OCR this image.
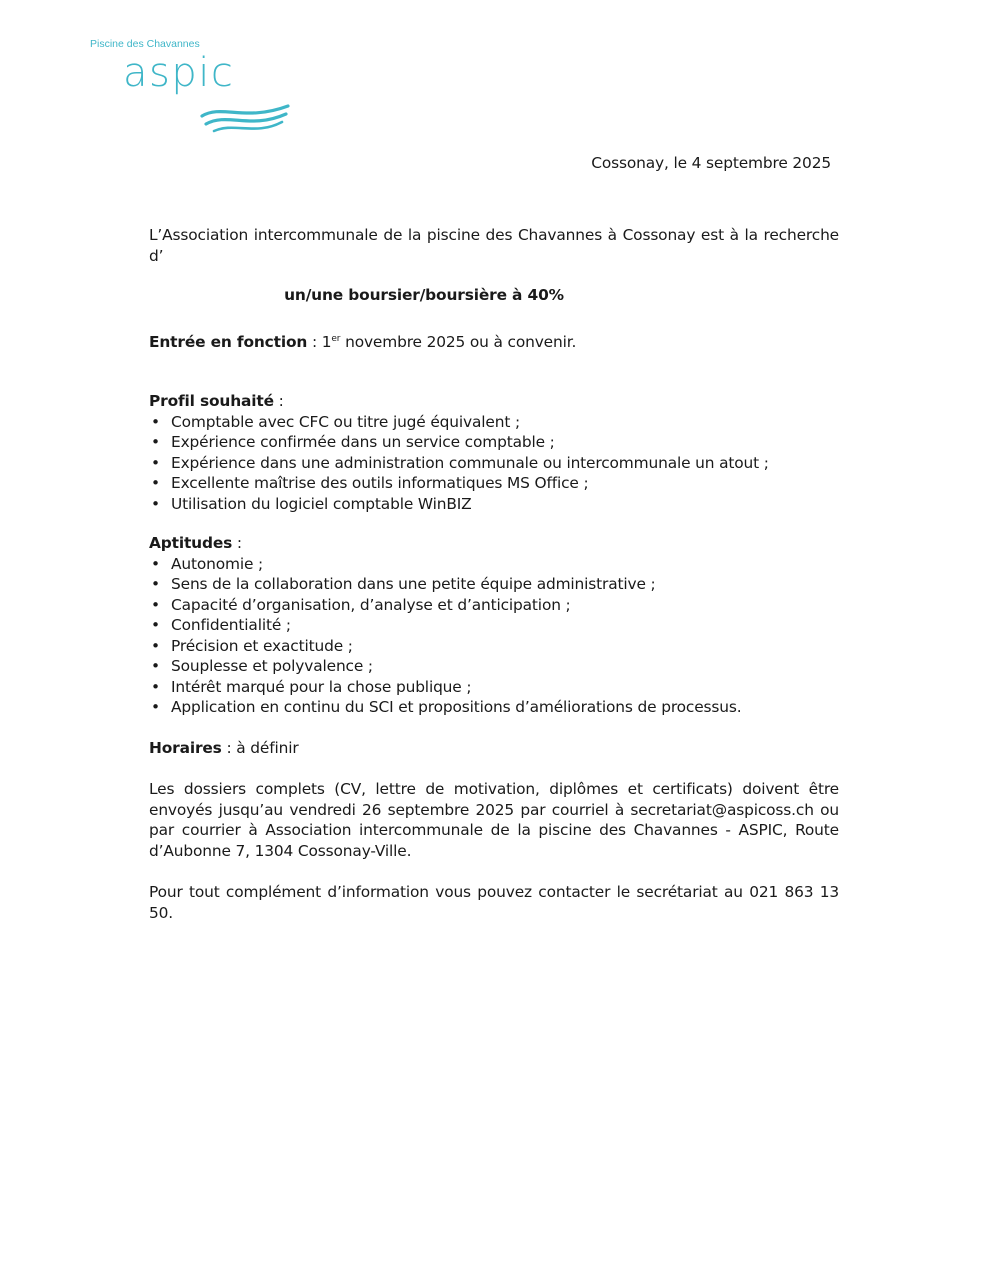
Piscine des Chavannes
aspic
Cossonay, le 4 septembre 2025

L’Association intercommunale de la piscine des Chavannes à Cossonay est à la recherche d’

un/une boursier/boursière à 40%

Entrée en fonction : 1er novembre 2025 ou à convenir.
Profil souhaité :
• Comptable avec CFC ou titre jugé équivalent ;
• Expérience confirmée dans un service comptable ;
• Expérience dans une administration communale ou intercommunale un atout ;
• Excellente maîtrise des outils informatiques MS Office ;
• Utilisation du logiciel comptable WinBIZ
Aptitudes :
• Autonomie ;
• Sens de la collaboration dans une petite équipe administrative ;
• Capacité d’organisation, d’analyse et d’anticipation ;
• Confidentialité ;
• Précision et exactitude ;
• Souplesse et polyvalence ;
• Intérêt marqué pour la chose publique ;
• Application en continu du SCI et propositions d’améliorations de processus.
Horaires : à définir

Les dossiers complets (CV, lettre de motivation, diplômes et certificats) doivent être envoyés jusqu’au vendredi 26 septembre 2025 par courriel à secretariat@aspicoss.ch ou par courrier à Association intercommunale de la piscine des Chavannes - ASPIC, Route d’Aubonne 7, 1304 Cossonay-Ville.

Pour tout complément d’information vous pouvez contacter le secrétariat au 021 863 13 50.
